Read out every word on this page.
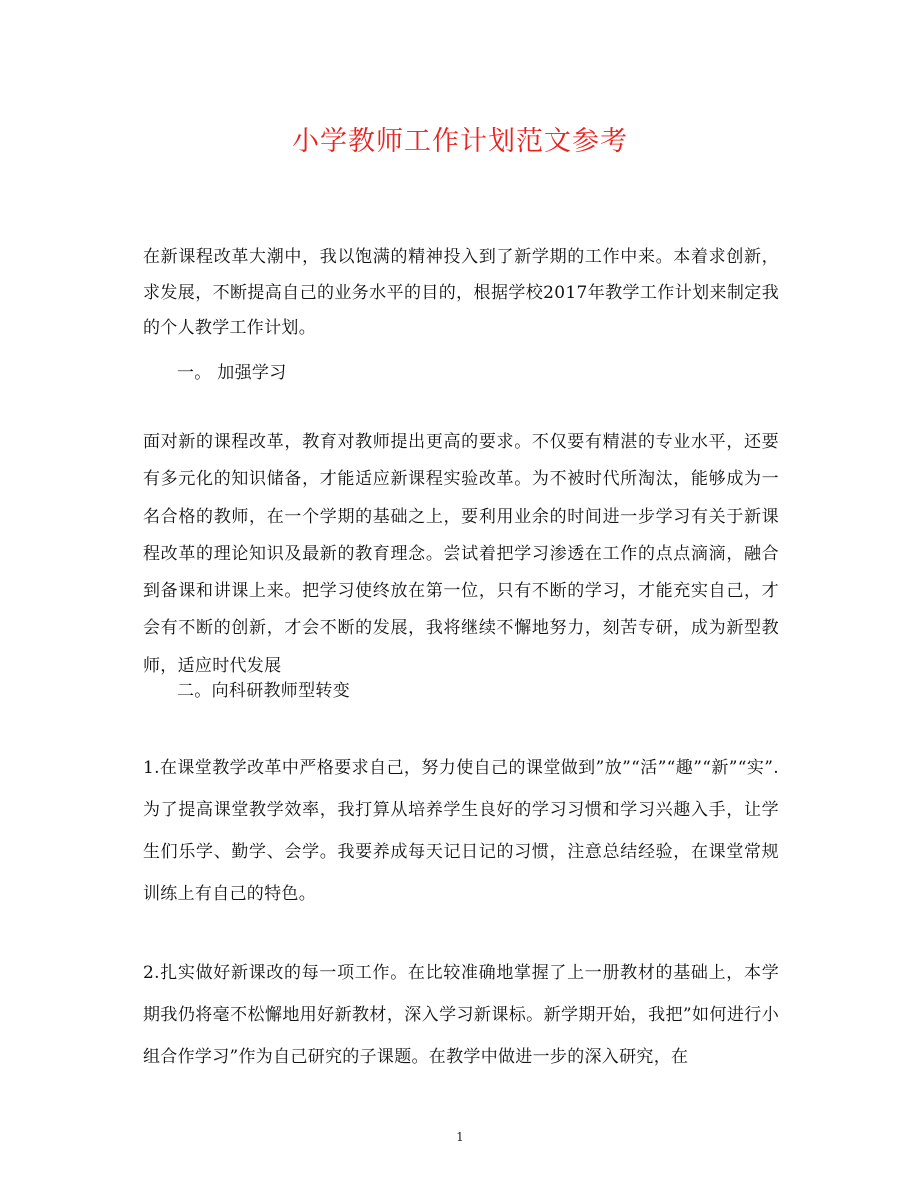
小学教师工作计划范文参考
在新课程改革大潮中，我以饱满的精神投入到了新学期的工作中来。本着求创新，求发展，不断提高自己的业务水平的目的，根据学校2017年教学工作计划来制定我的个人教学工作计划。
一。 加强学习
面对新的课程改革，教育对教师提出更高的要求。不仅要有精湛的专业水平，还要有多元化的知识储备，才能适应新课程实验改革。为不被时代所淘汰，能够成为一名合格的教师，在一个学期的基础之上，要利用业余的时间进一步学习有关于新课程改革的理论知识及最新的教育理念。尝试着把学习渗透在工作的点点滴滴，融合到备课和讲课上来。把学习使终放在第一位，只有不断的学习，才能充实自己，才会有不断的创新，才会不断的发展，我将继续不懈地努力，刻苦专研，成为新型教师，适应时代发展
二。向科研教师型转变
1.在课堂教学改革中严格要求自己，努力使自己的课堂做到”放”“活”“趣”“新”“实”.为了提高课堂教学效率，我打算从培养学生良好的学习习惯和学习兴趣入手，让学生们乐学、勤学、会学。我要养成每天记日记的习惯，注意总结经验，在课堂常规训练上有自己的特色。
2.扎实做好新课改的每一项工作。在比较准确地掌握了上一册教材的基础上，本学期我仍将毫不松懈地用好新教材，深入学习新课标。新学期开始，我把”如何进行小组合作学习”作为自己研究的子课题。在教学中做进一步的深入研究，在
1
